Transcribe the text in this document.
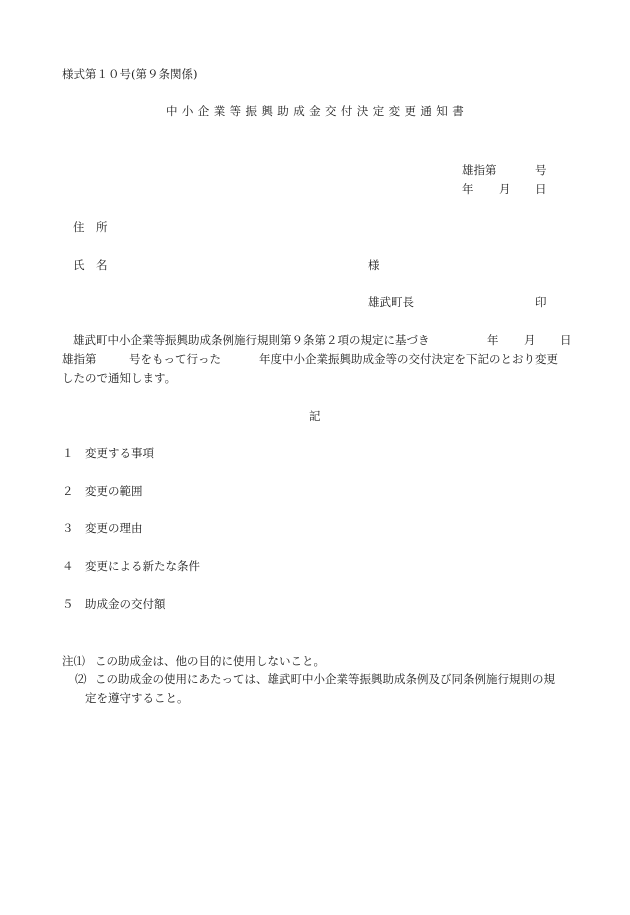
様式第１０号(第９条関係)
中小企業等振興助成金交付決定変更通知書
雄指第	号
年 月 日
住　所
氏　名	様
雄武町長	印
雄武町中小企業等振興助成条例施行規則第９条第２項の規定に基づき	年 月 日
雄指第	号をもって行った	年度中小企業振興助成金等の交付決定を下記のとおり変更
したので通知します。
記
１ 変更する事項
２ 変更の範囲
３ 変更の理由
４ 変更による新たな条件
５ 助成金の交付額
注⑴ この助成金は、他の目的に使用しないこと。
⑵ この助成金の使用にあたっては、雄武町中小企業等振興助成条例及び同条例施行規則の規
定を遵守すること。
